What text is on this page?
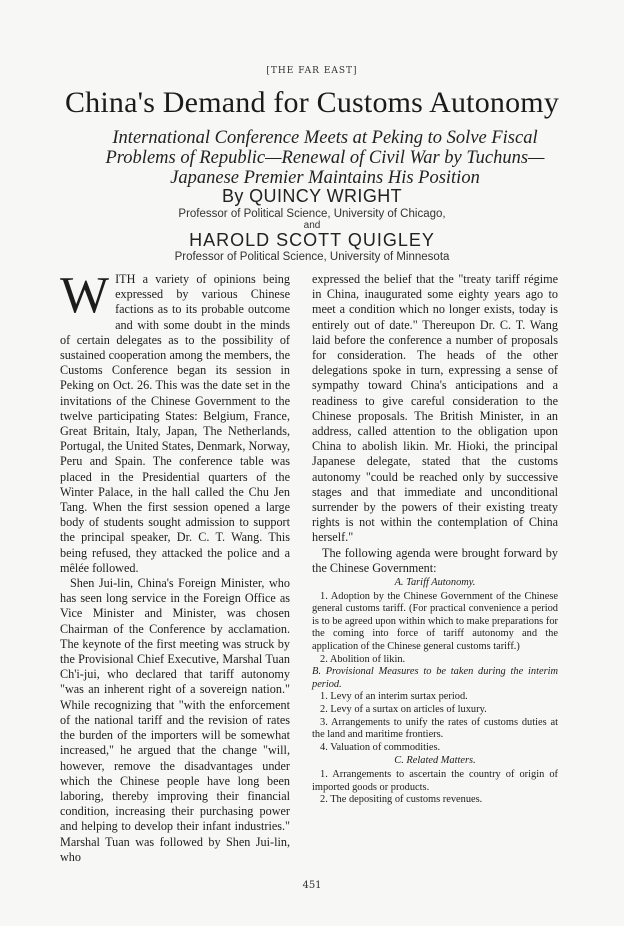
[THE FAR EAST]
China's Demand for Customs Autonomy
International Conference Meets at Peking to Solve Fiscal Problems of Republic—Renewal of Civil War by Tuchuns—Japanese Premier Maintains His Position
By QUINCY WRIGHT
Professor of Political Science, University of Chicago,
and
HAROLD SCOTT QUIGLEY
Professor of Political Science, University of Minnesota

WITH a variety of opinions being expressed by various Chinese factions as to its probable outcome and with some doubt in the minds of certain delegates as to the possibility of sustained cooperation among the members, the Customs Conference began its session in Peking on Oct. 26. This was the date set in the invitations of the Chinese Government to the twelve participating States: Belgium, France, Great Britain, Italy, Japan, The Netherlands, Portugal, the United States, Denmark, Norway, Peru and Spain. The conference table was placed in the Presidential quarters of the Winter Palace, in the hall called the Chu Jen Tang. When the first session opened a large body of students sought admission to support the principal speaker, Dr. C. T. Wang. This being refused, they attacked the police and a mêlée followed.

Shen Jui-lin, China's Foreign Minister, who has seen long service in the Foreign Office as Vice Minister and Minister, was chosen Chairman of the Conference by acclamation. The keynote of the first meeting was struck by the Provisional Chief Executive, Marshal Tuan Ch'i-jui, who declared that tariff autonomy "was an inherent right of a sovereign nation." While recognizing that "with the enforcement of the national tariff and the revision of rates the burden of the importers will be somewhat increased," he argued that the change "will, however, remove the disadvantages under which the Chinese people have long been laboring, thereby improving their financial condition, increasing their purchasing power and helping to develop their infant industries." Marshal Tuan was followed by Shen Jui-lin, who

expressed the belief that the "treaty tariff régime in China, inaugurated some eighty years ago to meet a condition which no longer exists, today is entirely out of date." Thereupon Dr. C. T. Wang laid before the conference a number of proposals for consideration. The heads of the other delegations spoke in turn, expressing a sense of sympathy toward China's anticipations and a readiness to give careful consideration to the Chinese proposals. The British Minister, in an address, called attention to the obligation upon China to abolish likin. Mr. Hioki, the principal Japanese delegate, stated that the customs autonomy "could be reached only by successive stages and that immediate and unconditional surrender by the powers of their existing treaty rights is not within the contemplation of China herself."

The following agenda were brought forward by the Chinese Government:

A. Tariff Autonomy.
1. Adoption by the Chinese Government of the Chinese general customs tariff. (For practical convenience a period is to be agreed upon within which to make preparations for the coming into force of tariff autonomy and the application of the Chinese general customs tariff.)
2. Abolition of likin.
B. Provisional Measures to be taken during the interim period.
1. Levy of an interim surtax period.
2. Levy of a surtax on articles of luxury.
3. Arrangements to unify the rates of customs duties at the land and maritime frontiers.
4. Valuation of commodities.
C. Related Matters.
1. Arrangements to ascertain the country of origin of imported goods or products.
2. The depositing of customs revenues.
451
